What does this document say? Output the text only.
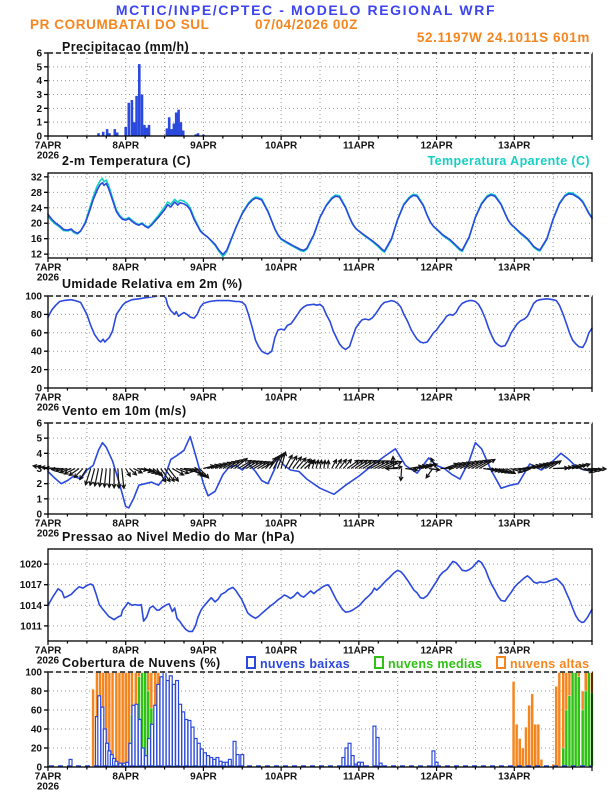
MCTIC/INPE/CPTEC - MODELO REGIONAL WRF
PR CORUMBATAI DO SUL	07/04/2026 00Z
52.1197W 24.1011S 601m
Precipitacao (mm/h)
2-m Temperatura (C)	Temperatura Aparente (C)
Umidade Relativa em 2m (%)
Vento em 10m (m/s)
Pressao ao Nivel Medio do Mar (hPa)
Cobertura de Nuvens (%)	nuvens baixas	nuvens medias	nuvens altas
0
1
2
3
4
5
6
7APR	8APR	9APR	10APR	11APR	12APR	13APR
2026
12
16
20
24
28
32
7APR	8APR	9APR	10APR	11APR	12APR	13APR
2026
0
20
40
60
80
100
7APR	8APR	9APR	10APR	11APR	12APR	13APR
2026
0
1
2
3
4
5
6
7APR	8APR	9APR	10APR	11APR	12APR	13APR
2026
1011
1014
1017
1020
7APR	8APR	9APR	10APR	11APR	12APR	13APR
2026
0
20
40
60
80
100
7APR	8APR	9APR	10APR	11APR	12APR	13APR
2026
